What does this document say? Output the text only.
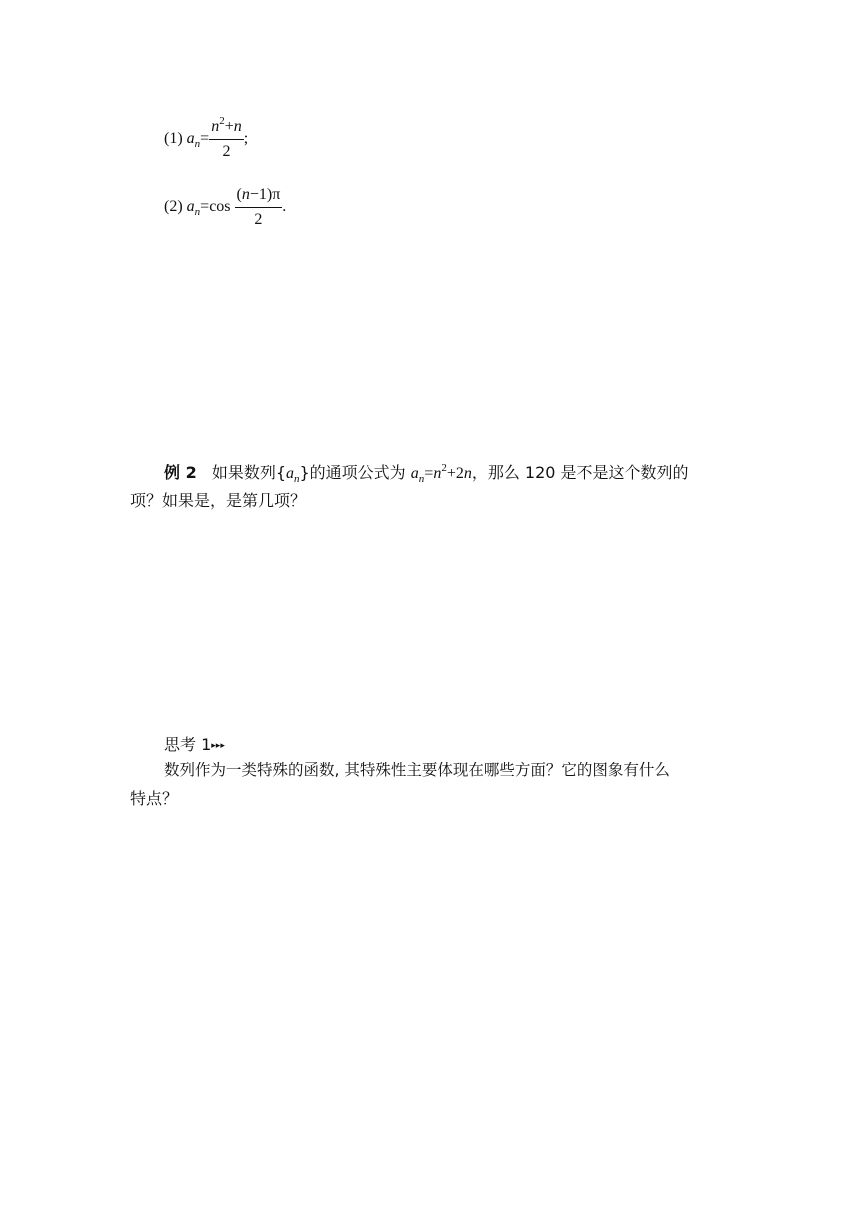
(1) $a_n= \frac{n^2+n}{2}$ ;
(2) $a_n=\cos \frac{(n-1)\pi}{2}$ .
例 2 如果数列$\{a_n\}$的通项公式为 $a_n=n^2+2n$，那么 120 是不是这个数列的
项？如果是，是第几项？
思考 1▸▸▸
数列作为一类特殊的函数, 其特殊性主要体现在哪些方面？它的图象有什么
特点？
